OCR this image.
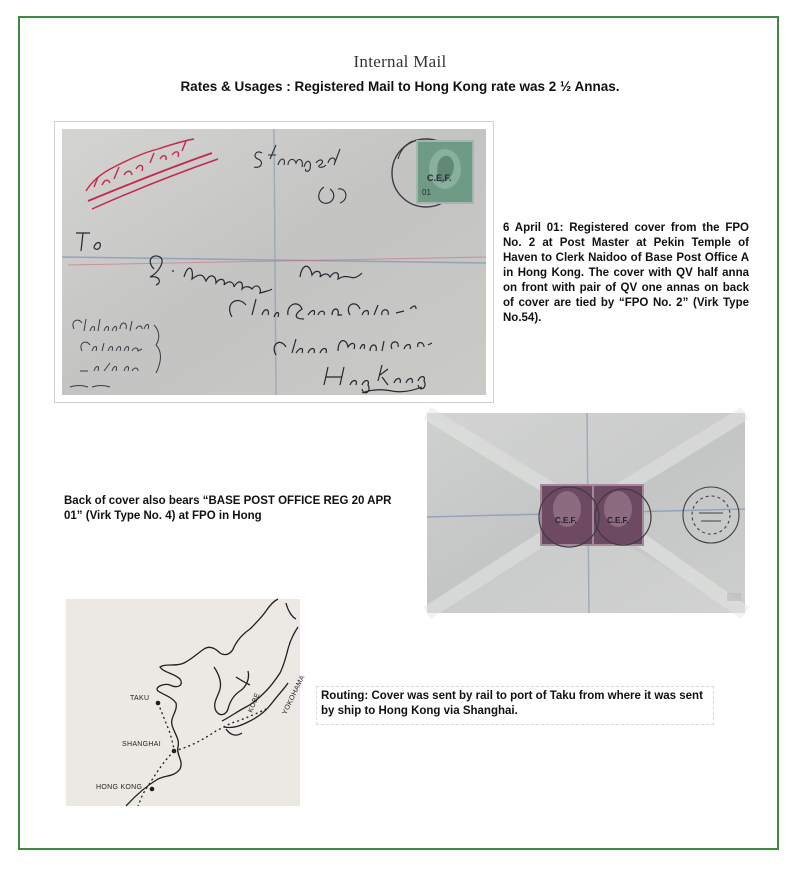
Internal Mail
Rates & Usages : Registered Mail to Hong Kong rate was 2 ½ Annas.
C.E.F.
01
6 April 01: Registered cover from the FPO No. 2 at Post Master at Pekin Temple of Haven to Clerk Naidoo of Base Post Office A in Hong Kong. The cover with QV half anna on front with pair of QV one annas on back of cover are tied by “FPO No. 2” (Virk Type No.54).
Back of cover also bears “BASE POST OFFICE REG 20 APR 01” (Virk Type No. 4) at FPO in Hong	C.E.F.	C.E.F.
TAKU
SHANGHAI
HONG KONG
KOBE	YOKOHAMA	Routing: Cover was sent by rail to port of Taku from where it was sent by ship to Hong Kong via Shanghai.
